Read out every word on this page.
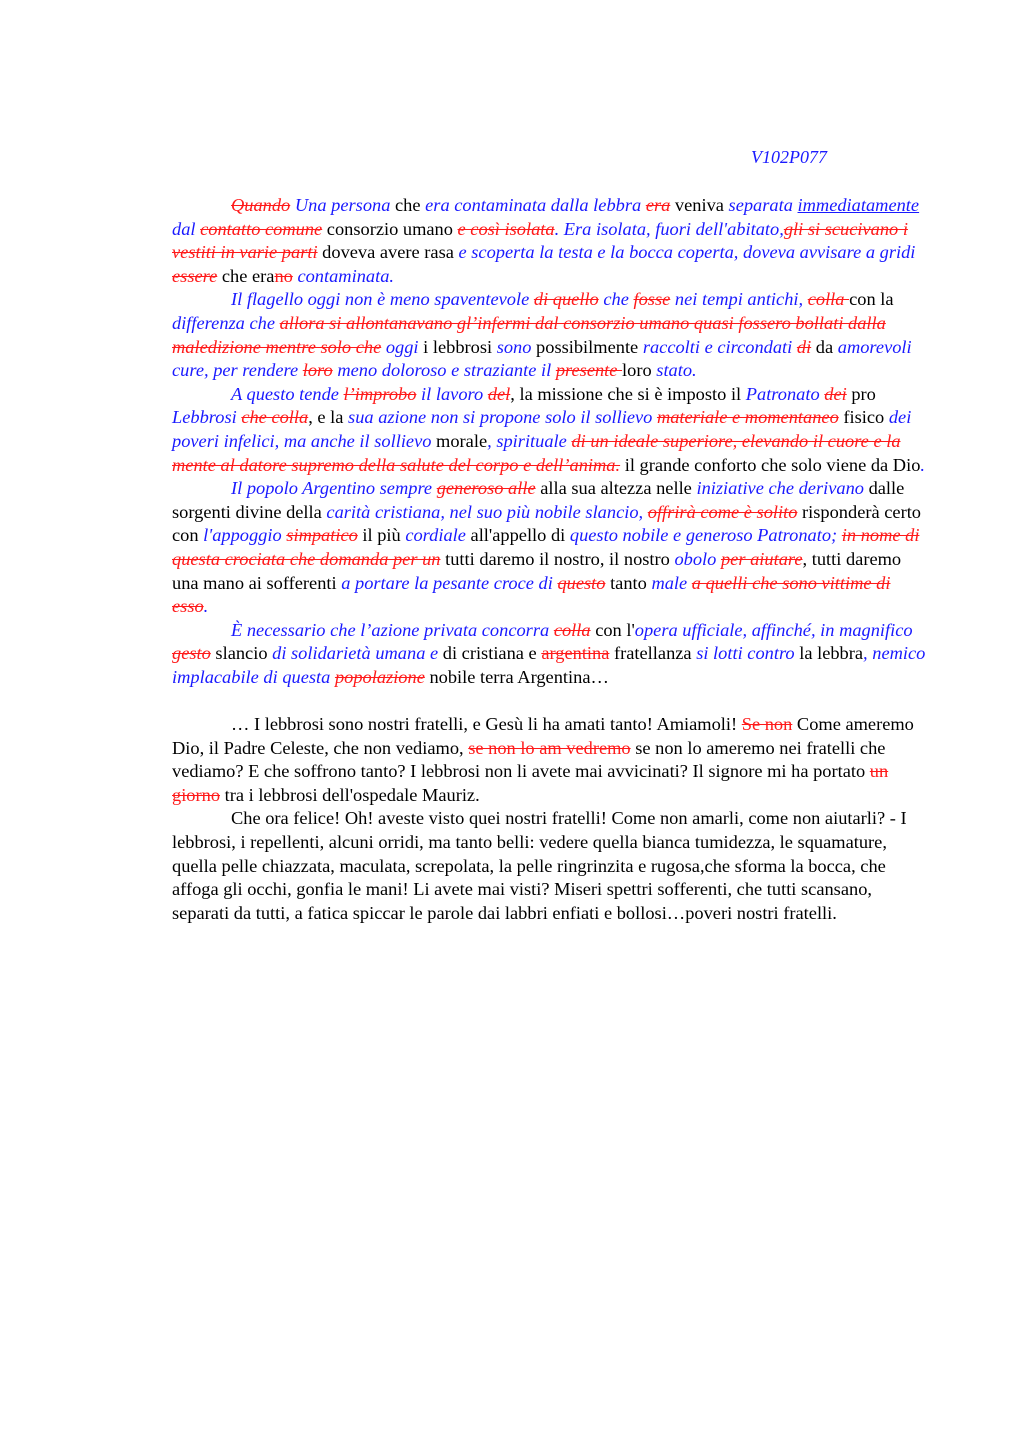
V102P077

Quando Una persona che era contaminata dalla lebbra era veniva separata immediatamente dal contatto comune consorzio umano e così isolata. Era isolata, fuori dell'abitato,gli si scucivano i vestiti in varie parti doveva avere rasa e scoperta la testa e la bocca coperta, doveva avvisare a gridi essere che erano contaminata.

Il flagello oggi non è meno spaventevole di quello che fosse nei tempi antichi, colla con la differenza che allora si allontanavano gl’infermi dal consorzio umano quasi fossero bollati dalla maledizione mentre solo che oggi i lebbrosi sono possibilmente raccolti e circondati di da amorevoli cure, per rendere loro meno doloroso e straziante il presente loro stato.

A questo tende l’improbo il lavoro del, la missione che si è imposto il Patronato dei pro Lebbrosi che colla, e la sua azione non si propone solo il sollievo materiale e momentaneo fisico dei poveri infelici, ma anche il sollievo morale, spirituale di un ideale superiore, elevando il cuore e la mente al datore supremo della salute del corpo e dell’anima. il grande conforto che solo viene da Dio.

Il popolo Argentino sempre generoso alle alla sua altezza nelle iniziative che derivano dalle sorgenti divine della carità cristiana, nel suo più nobile slancio, offrirà come è solito risponderà certo con l'appoggio simpatico il più cordiale all'appello di questo nobile e generoso Patronato; in nome di questa crociata che domanda per un tutti daremo il nostro, il nostro obolo per aiutare, tutti daremo una mano ai sofferenti a portare la pesante croce di questo tanto male a quelli che sono vittime di esso.

È necessario che l’azione privata concorra colla con l'opera ufficiale, affinché, in magnifico gesto slancio di solidarietà umana e di cristiana e argentina fratellanza si lotti contro la lebbra, nemico implacabile di questa popolazione nobile terra Argentina…

… I lebbrosi sono nostri fratelli, e Gesù li ha amati tanto! Amiamoli! Se non Come ameremo Dio, il Padre Celeste, che non vediamo, se non lo am vedremo se non lo ameremo nei fratelli che vediamo? E che soffrono tanto? I lebbrosi non li avete mai avvicinati? Il signore mi ha portato un giorno tra i lebbrosi dell'ospedale Mauriz.

Che ora felice! Oh! aveste visto quei nostri fratelli! Come non amarli, come non aiutarli? - I lebbrosi, i repellenti, alcuni orridi, ma tanto belli: vedere quella bianca tumidezza, le squamature, quella pelle chiazzata, maculata, screpolata, la pelle ringrinzita e rugosa,che sforma la bocca, che affoga gli occhi, gonfia le mani! Li avete mai visti? Miseri spettri sofferenti, che tutti scansano, separati da tutti, a fatica spiccar le parole dai labbri enfiati e bollosi…poveri nostri fratelli.
